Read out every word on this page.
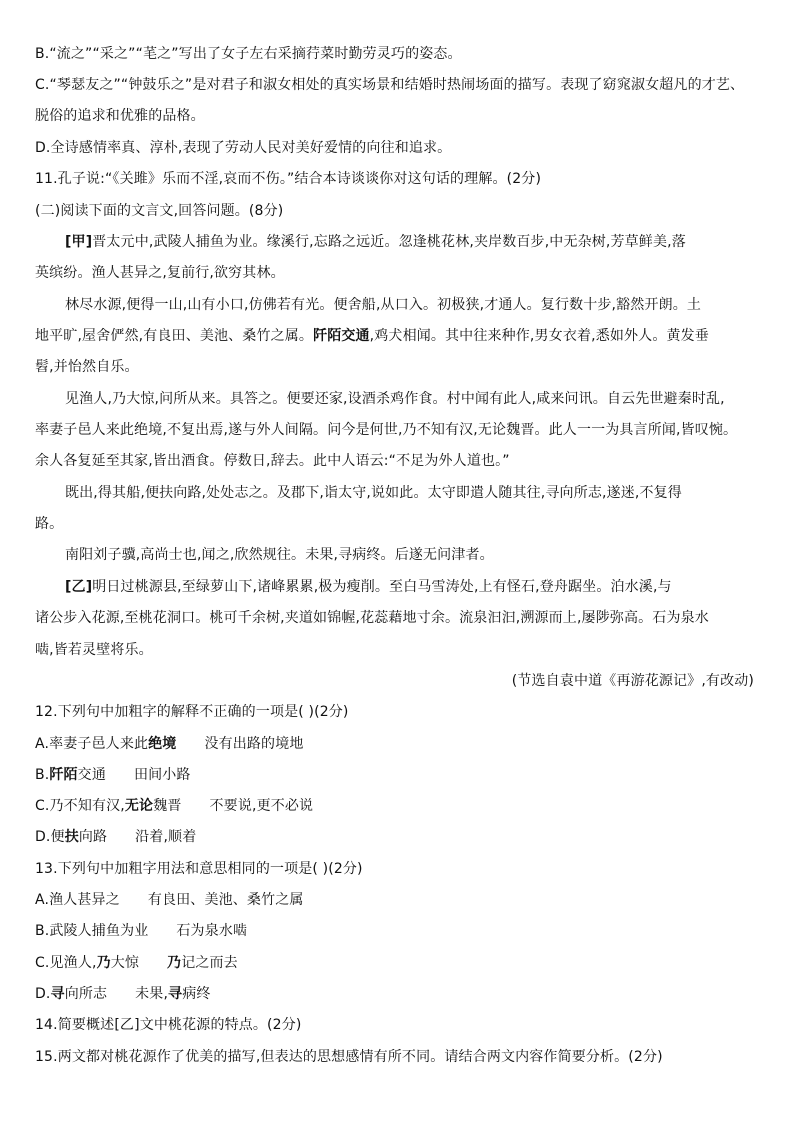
B.“流之”“采之”“芼之”写出了女子左右采摘荇菜时勤劳灵巧的姿态。
C.“琴瑟友之”“钟鼓乐之”是对君子和淑女相处的真实场景和结婚时热闹场面的描写。表现了窈窕淑女超凡的才艺、
脱俗的追求和优雅的品格。
D.全诗感情率真、淳朴,表现了劳动人民对美好爱情的向往和追求。
11.孔子说:“《关雎》乐而不淫,哀而不伤。”结合本诗谈谈你对这句话的理解。(2分)
(二)阅读下面的文言文,回答问题。(8分)
[甲]晋太元中,武陵人捕鱼为业。缘溪行,忘路之远近。忽逢桃花林,夹岸数百步,中无杂树,芳草鲜美,落
英缤纷。渔人甚异之,复前行,欲穷其林。
林尽水源,便得一山,山有小口,仿佛若有光。便舍船,从口入。初极狭,才通人。复行数十步,豁然开朗。土
地平旷,屋舍俨然,有良田、美池、桑竹之属。阡陌交通,鸡犬相闻。其中往来种作,男女衣着,悉如外人。黄发垂
髫,并怡然自乐。
见渔人,乃大惊,问所从来。具答之。便要还家,设酒杀鸡作食。村中闻有此人,咸来问讯。自云先世避秦时乱,
率妻子邑人来此绝境,不复出焉,遂与外人间隔。问今是何世,乃不知有汉,无论魏晋。此人一一为具言所闻,皆叹惋。
余人各复延至其家,皆出酒食。停数日,辞去。此中人语云:“不足为外人道也。”
既出,得其船,便扶向路,处处志之。及郡下,诣太守,说如此。太守即遣人随其往,寻向所志,遂迷,不复得
路。
南阳刘子骥,高尚士也,闻之,欣然规往。未果,寻病终。后遂无问津者。
[乙]明日过桃源县,至绿萝山下,诸峰累累,极为瘦削。至白马雪涛处,上有怪石,登舟踞坐。泊水溪,与
诸公步入花源,至桃花洞口。桃可千余树,夹道如锦幄,花蕊藉地寸余。流泉汩汩,溯源而上,屡陟弥高。石为泉水
啮,皆若灵壁将乐。
(节选自袁中道《再游花源记》,有改动)
12.下列句中加粗字的解释不正确的一项是( )(2分)
A.率妻子邑人来此绝境 没有出路的境地
B.阡陌交通 田间小路
C.乃不知有汉,无论魏晋 不要说,更不必说
D.便扶向路 沿着,顺着
13.下列句中加粗字用法和意思相同的一项是( )(2分)
A.渔人甚异之 有良田、美池、桑竹之属
B.武陵人捕鱼为业 石为泉水啮
C.见渔人,乃大惊 乃记之而去
D.寻向所志 未果,寻病终
14.简要概述[乙]文中桃花源的特点。(2分)
15.两文都对桃花源作了优美的描写,但表达的思想感情有所不同。请结合两文内容作简要分析。(2分)
